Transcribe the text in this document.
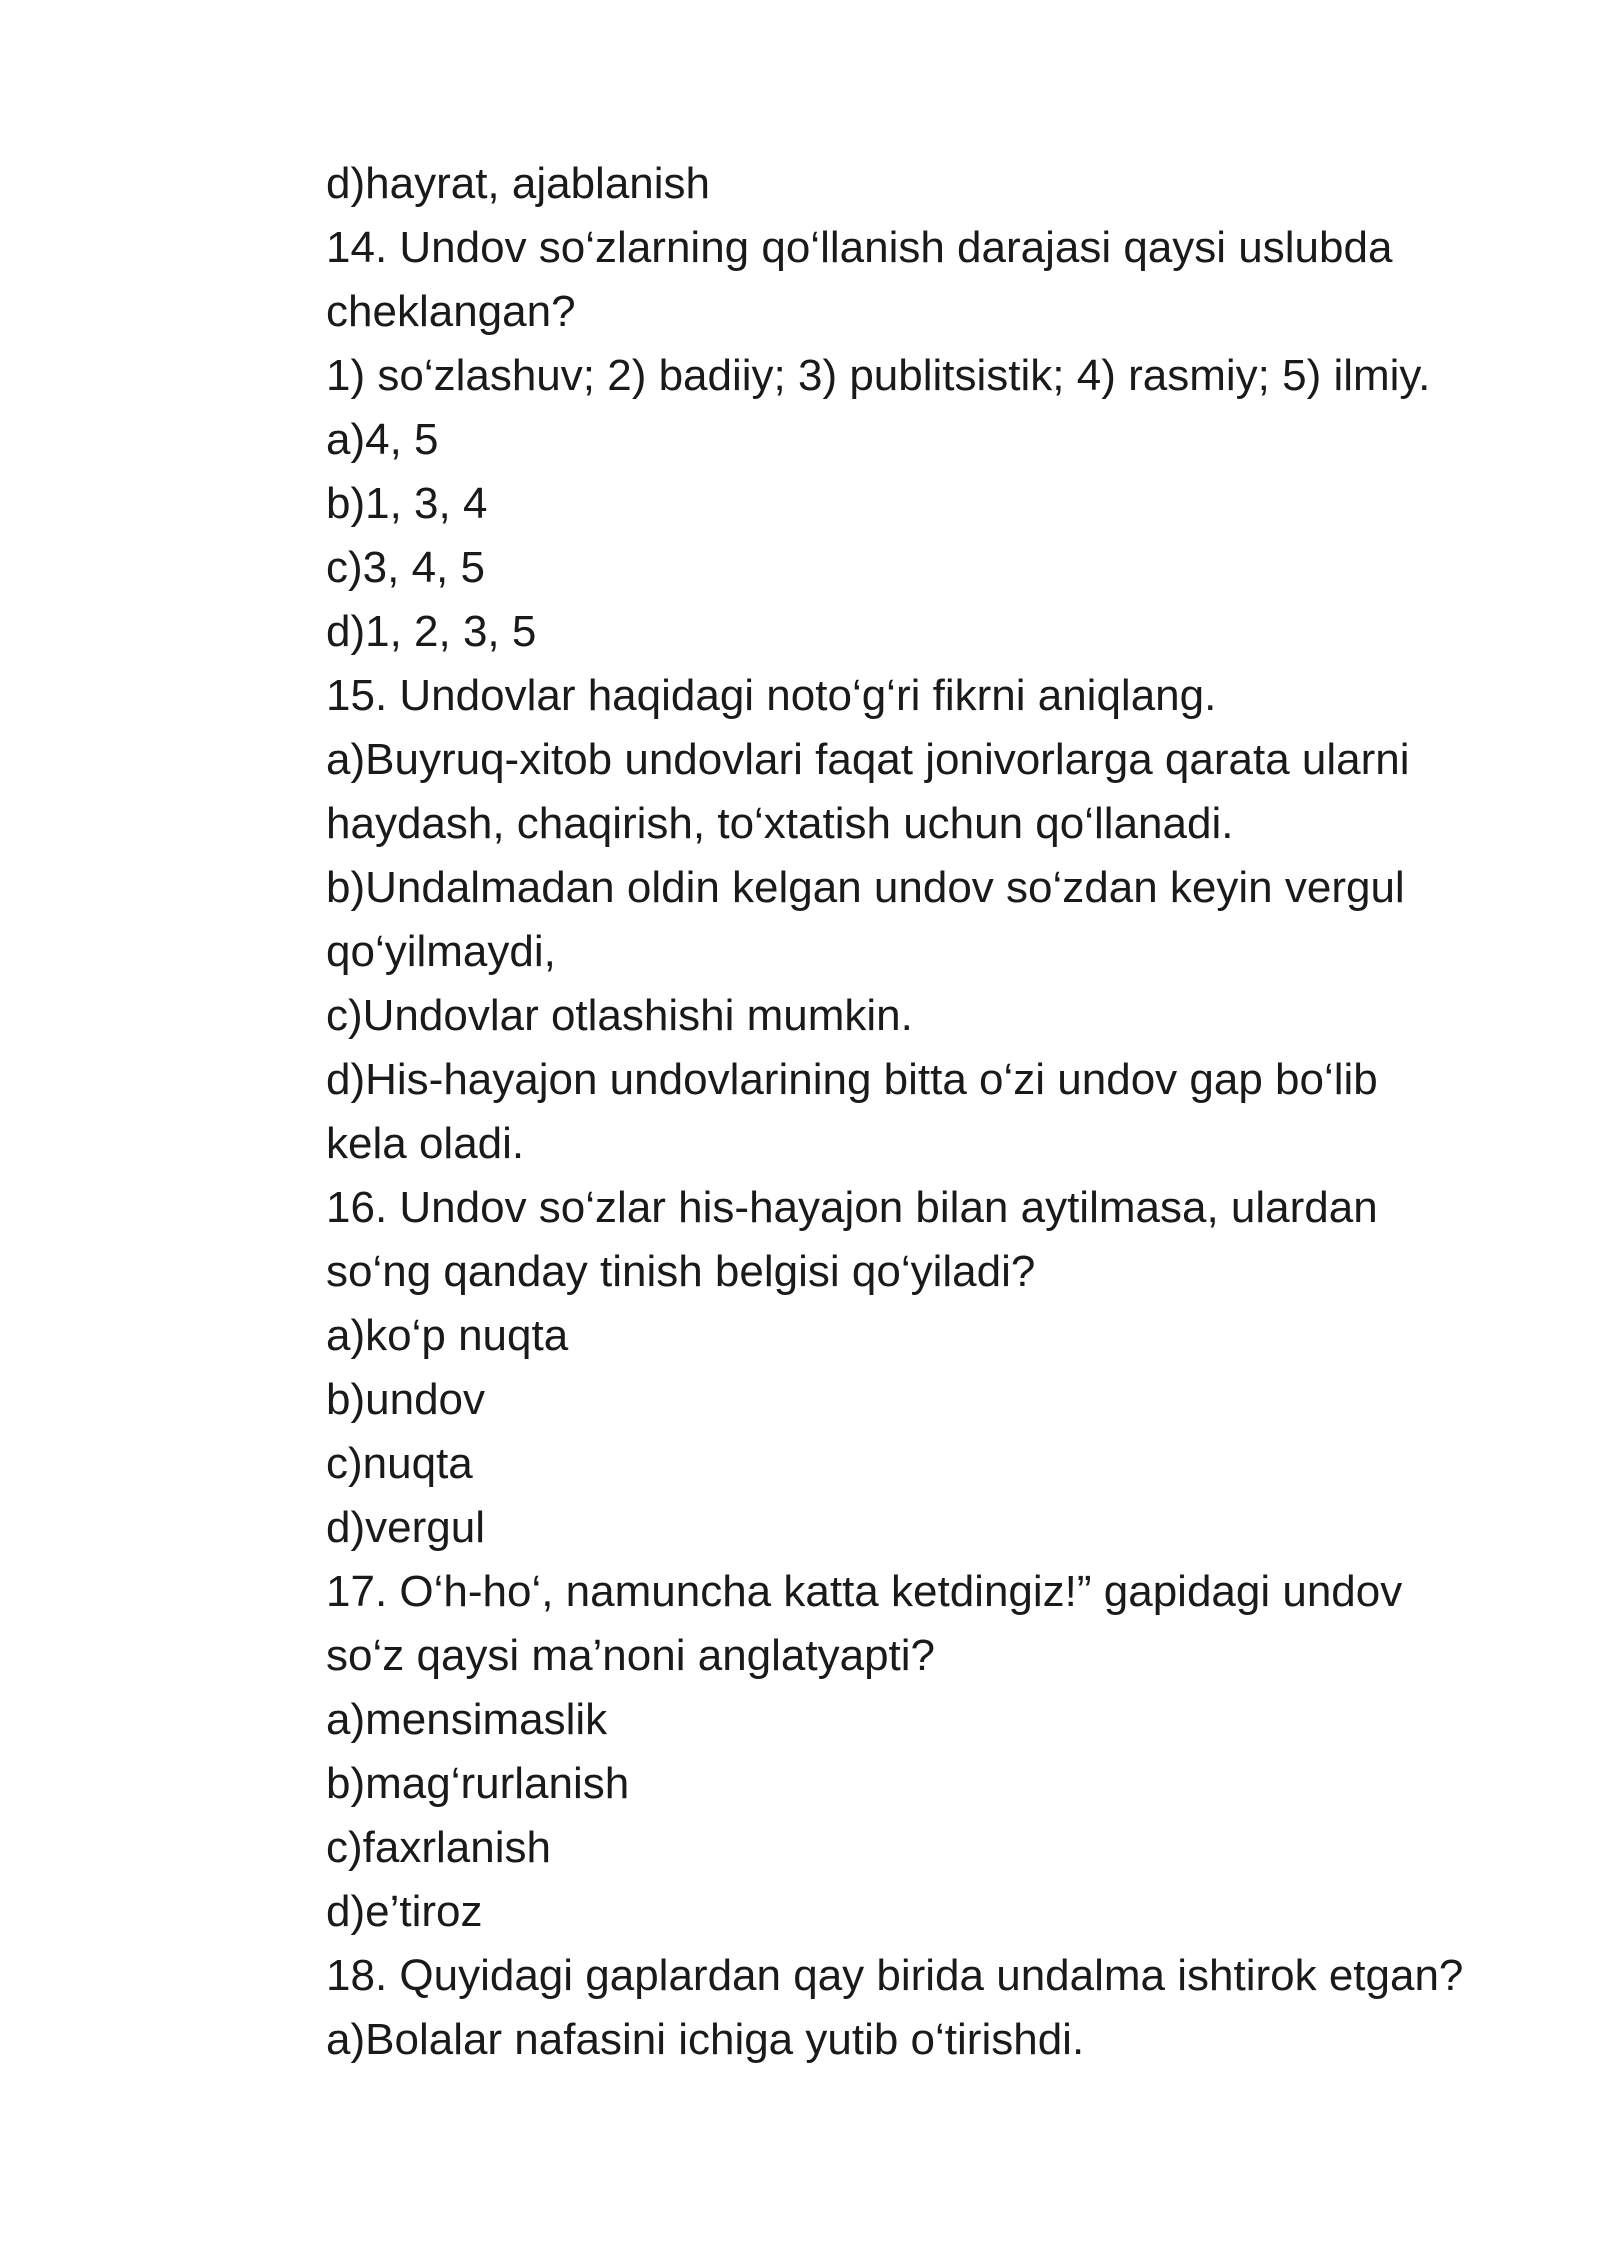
d)hayrat, ajablanish
14. Undov so‘zlarning qo‘llanish darajasi qaysi uslubda
cheklangan?
1) so‘zlashuv; 2) badiiy; 3) publitsistik; 4) rasmiy; 5) ilmiy.
a)4, 5
b)1, 3, 4
c)3, 4, 5
d)1, 2, 3, 5
15. Undovlar haqidagi noto‘g‘ri fikrni aniqlang.
a)Buyruq-xitob undovlari faqat jonivorlarga qarata ularni
haydash, chaqirish, to‘xtatish uchun qo‘llanadi.
b)Undalmadan oldin kelgan undov so‘zdan keyin vergul
qo‘yilmaydi,
c)Undovlar otlashishi mumkin.
d)His-hayajon undovlarining bitta o‘zi undov gap bo‘lib
kela oladi.
16. Undov so‘zlar his-hayajon bilan aytilmasa, ulardan
so‘ng qanday tinish belgisi qo‘yiladi?
a)ko‘p nuqta
b)undov
c)nuqta
d)vergul
17. O‘h-ho‘, namuncha katta ketdingiz!” gapidagi undov
so‘z qaysi ma’noni anglatyapti?
a)mensimaslik
b)mag‘rurlanish
c)faxrlanish
d)e’tiroz
18. Quyidagi gaplardan qay birida undalma ishtirok etgan?
a)Bolalar nafasini ichiga yutib o‘tirishdi.
